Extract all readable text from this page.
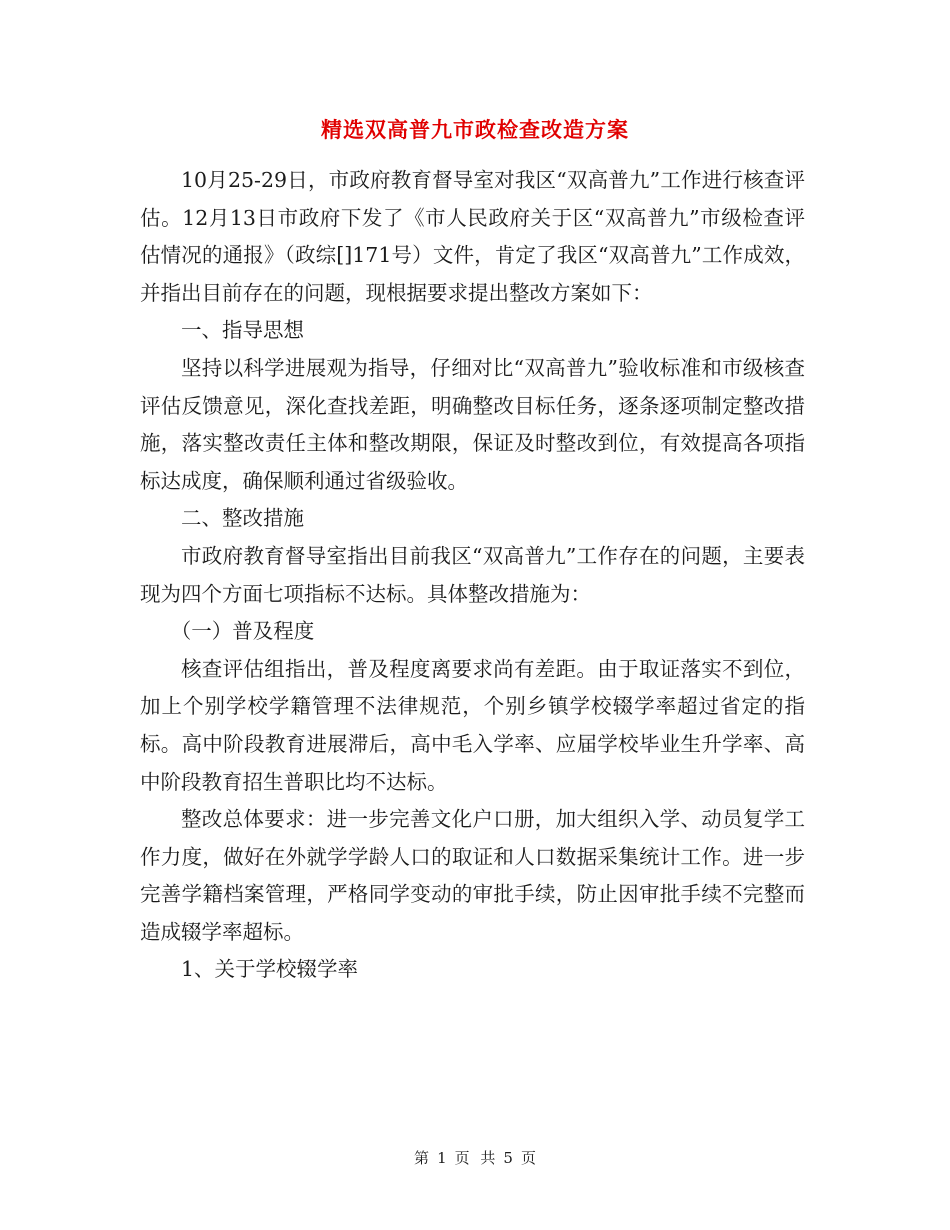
精选双高普九市政检查改造方案

10月25-29日，市政府教育督导室对我区“双高普九”工作进行核查评估。12月13日市政府下发了《市人民政府关于区“双高普九”市级检查评估情况的通报》（政综[]171号）文件，肯定了我区“双高普九”工作成效，并指出目前存在的问题，现根据要求提出整改方案如下：

一、指导思想

坚持以科学进展观为指导，仔细对比“双高普九”验收标准和市级核查评估反馈意见，深化查找差距，明确整改目标任务，逐条逐项制定整改措施，落实整改责任主体和整改期限，保证及时整改到位，有效提高各项指标达成度，确保顺利通过省级验收。

二、整改措施

市政府教育督导室指出目前我区“双高普九”工作存在的问题，主要表现为四个方面七项指标不达标。具体整改措施为：

（一）普及程度

核查评估组指出，普及程度离要求尚有差距。由于取证落实不到位，加上个别学校学籍管理不法律规范，个别乡镇学校辍学率超过省定的指标。高中阶段教育进展滞后，高中毛入学率、应届学校毕业生升学率、高中阶段教育招生普职比均不达标。

整改总体要求：进一步完善文化户口册，加大组织入学、动员复学工作力度，做好在外就学学龄人口的取证和人口数据采集统计工作。进一步完善学籍档案管理，严格同学变动的审批手续，防止因审批手续不完整而造成辍学率超标。

1、关于学校辍学率

第 1 页 共 5 页
